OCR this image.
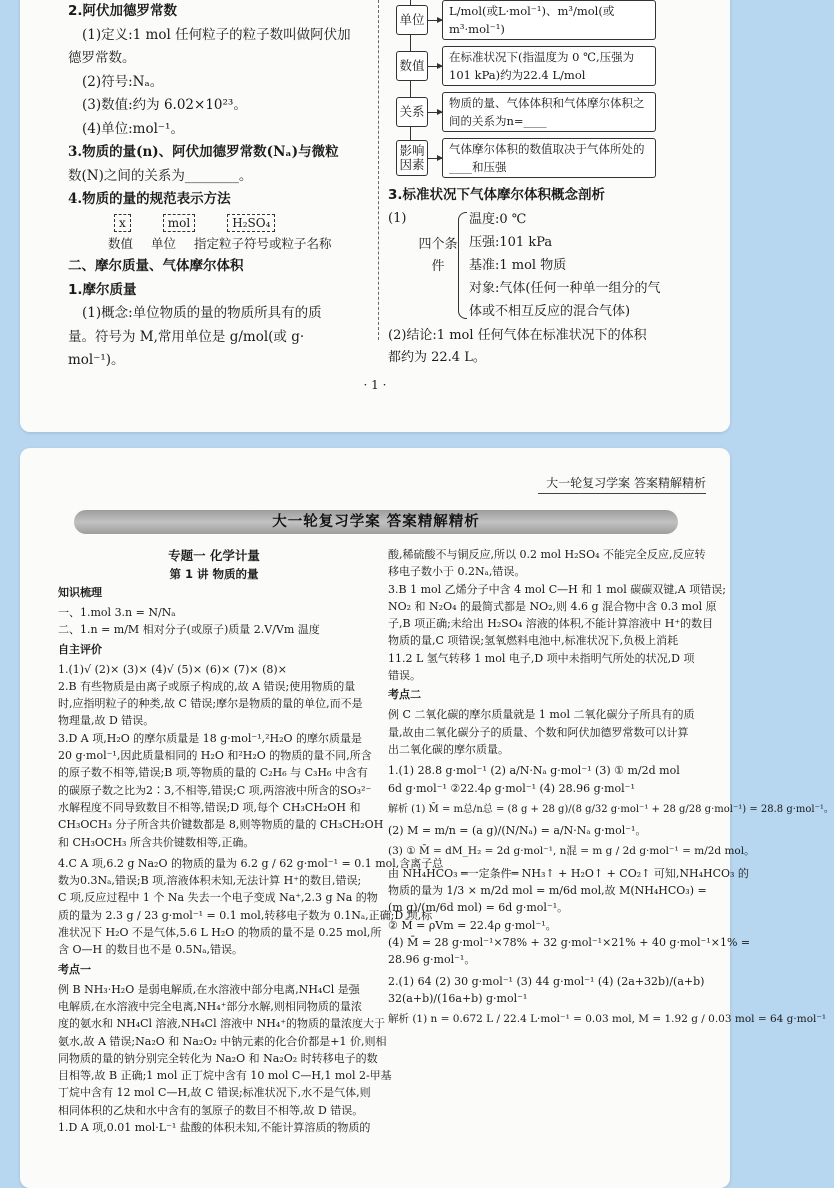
2.阿伏加德罗常数
(1)定义:1 mol 任何粒子的粒子数叫做阿伏加
德罗常数。
(2)符号:Nₐ。
(3)数值:约为 6.02×10²³。
(4)单位:mol⁻¹。
3.物质的量(n)、阿伏加德罗常数(Nₐ)与微粒
数(N)之间的关系为________。
4.物质的量的规范表示方法
x	mol	H₂SO₄
数值 单位 指定粒子符号或粒子名称
二、摩尔质量、气体摩尔体积
1.摩尔质量
(1)概念:单位物质的量的物质所具有的质
量。符号为 M,常用单位是 g/mol(或 g·
mol⁻¹)。
单位
L/mol(或L·mol⁻¹)、m³/mol(或m³·mol⁻¹)
数值
在标准状况下(指温度为 0 ℃,压强为 101 kPa)约为22.4 L/mol
关系
物质的量、气体体积和气体摩尔体积之间的关系为n=____
影响因素
气体摩尔体积的数值取决于气体所处的____和压强
3.标准状况下气体摩尔体积概念剖析
(1)
四个条件
温度:0 ℃
压强:101 kPa
基准:1 mol 物质
对象:气体(任何一种单一组分的气
体或不相互反应的混合气体)
(2)结论:1 mol 任何气体在标准状况下的体积
都约为 22.4 L。
· 1 ·
大一轮复习学案 答案精解精析
大一轮复习学案 答案精解精析
专题一 化学计量
第 1 讲 物质的量
知识梳理
一、1.mol 3.n = N/Nₐ
二、1.n = m/M 相对分子(或原子)质量 2.V/Vm 温度
自主评价
1.(1)√ (2)× (3)× (4)√ (5)× (6)× (7)× (8)×
2.B 有些物质是由离子或原子构成的,故 A 错误;使用物质的量
时,应指明粒子的种类,故 C 错误;摩尔是物质的量的单位,而不是
物理量,故 D 错误。
3.D A 项,H₂O 的摩尔质量是 18 g·mol⁻¹,²H₂O 的摩尔质量是
20 g·mol⁻¹,因此质量相同的 H₂O 和²H₂O 的物质的量不同,所含
的原子数不相等,错误;B 项,等物质的量的 C₂H₆ 与 C₃H₆ 中含有
的碳原子数之比为2∶3,不相等,错误;C 项,两溶液中所含的SO₃²⁻
水解程度不同导致数目不相等,错误;D 项,每个 CH₃CH₂OH 和
CH₃OCH₃ 分子所含共价键数都是 8,则等物质的量的 CH₃CH₂OH
和 CH₃OCH₃ 所含共价键数相等,正确。
4.C A 项,6.2 g Na₂O 的物质的量为 6.2 g / 62 g·mol⁻¹ = 0.1 mol,含离子总
数为0.3Nₐ,错误;B 项,溶液体积未知,无法计算 H⁺的数目,错误;
C 项,反应过程中 1 个 Na 失去一个电子变成 Na⁺,2.3 g Na 的物
质的量为 2.3 g / 23 g·mol⁻¹ = 0.1 mol,转移电子数为 0.1Nₐ,正确;D 项,标
准状况下 H₂O 不是气体,5.6 L H₂O 的物质的量不是 0.25 mol,所
含 O—H 的数目也不是 0.5Nₐ,错误。
考点一
例 B NH₃·H₂O 是弱电解质,在水溶液中部分电离,NH₄Cl 是强
电解质,在水溶液中完全电离,NH₄⁺部分水解,则相同物质的量浓
度的氨水和 NH₄Cl 溶液,NH₄Cl 溶液中 NH₄⁺的物质的量浓度大于
氨水,故 A 错误;Na₂O 和 Na₂O₂ 中钠元素的化合价都是+1 价,则相
同物质的量的钠分别完全转化为 Na₂O 和 Na₂O₂ 时转移电子的数
目相等,故 B 正确;1 mol 正丁烷中含有 10 mol C—H,1 mol 2-甲基
丁烷中含有 12 mol C—H,故 C 错误;标准状况下,水不是气体,则
相同体积的乙炔和水中含有的氢原子的数目不相等,故 D 错误。
1.D A 项,0.01 mol·L⁻¹ 盐酸的体积未知,不能计算溶质的物质的
酸,稀硫酸不与铜反应,所以 0.2 mol H₂SO₄ 不能完全反应,反应转
移电子数小于 0.2Nₐ,错误。
3.B 1 mol 乙烯分子中含 4 mol C—H 和 1 mol 碳碳双键,A 项错误;
NO₂ 和 N₂O₄ 的最简式都是 NO₂,则 4.6 g 混合物中含 0.3 mol 原
子,B 项正确;未给出 H₂SO₄ 溶液的体积,不能计算溶液中 H⁺的数目
物质的量,C 项错误;氢氧燃料电池中,标准状况下,负极上消耗
11.2 L 氢气转移 1 mol 电子,D 项中未指明气所处的状况,D 项
错误。
考点二
例 C 二氧化碳的摩尔质量就是 1 mol 二氧化碳分子所具有的质
量,故由二氧化碳分子的质量、个数和阿伏加德罗常数可以计算
出二氧化碳的摩尔质量。
1.(1) 28.8 g·mol⁻¹ (2) a/N·Nₐ g·mol⁻¹ (3) ① m/2d mol
6d g·mol⁻¹ ②22.4ρ g·mol⁻¹ (4) 28.96 g·mol⁻¹
解析 (1) M̄ = m总/n总 = (8 g + 28 g)/(8 g/32 g·mol⁻¹ + 28 g/28 g·mol⁻¹) = 28.8 g·mol⁻¹。
(2) M = m/n = (a g)/(N/Nₐ) = a/N·Nₐ g·mol⁻¹。
(3) ① M̄ = dM_H₂ = 2d g·mol⁻¹, n混 = m g / 2d g·mol⁻¹ = m/2d mol。
由 NH₄HCO₃ ═一定条件═ NH₃↑ + H₂O↑ + CO₂↑ 可知,NH₄HCO₃ 的
物质的量为 1/3 × m/2d mol = m/6d mol,故 M(NH₄HCO₃) =
(m g)/(m/6d mol) = 6d g·mol⁻¹。
② M̄ = ρVm = 22.4ρ g·mol⁻¹。
(4) M̄ = 28 g·mol⁻¹×78% + 32 g·mol⁻¹×21% + 40 g·mol⁻¹×1% =
28.96 g·mol⁻¹。
2.(1) 64 (2) 30 g·mol⁻¹ (3) 44 g·mol⁻¹ (4) (2a+32b)/(a+b)
32(a+b)/(16a+b) g·mol⁻¹
解析 (1) n = 0.672 L / 22.4 L·mol⁻¹ = 0.03 mol, M = 1.92 g / 0.03 mol = 64 g·mol⁻¹
